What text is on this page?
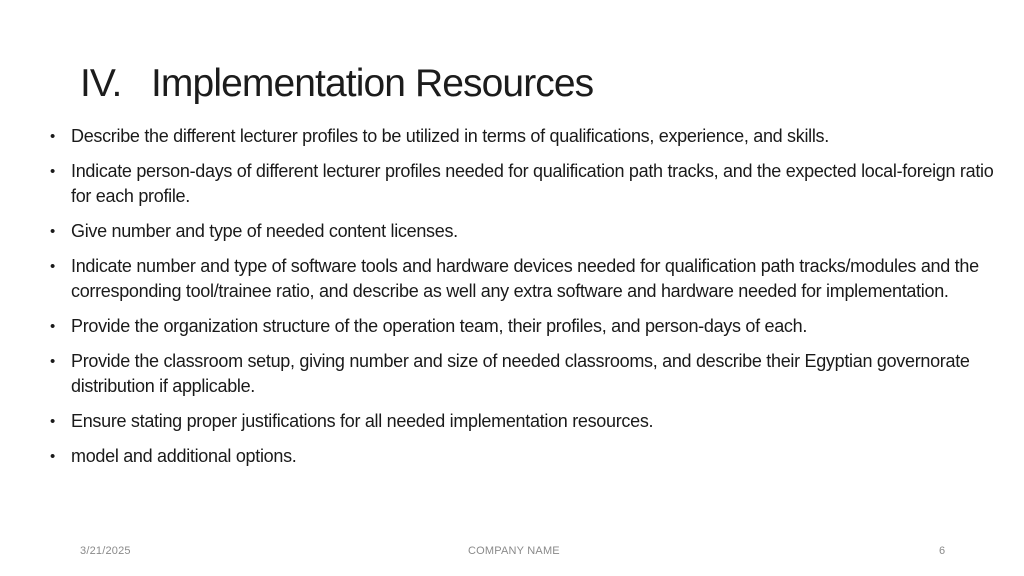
IV. Implementation Resources
• Describe the different lecturer profiles to be utilized in terms of qualifications, experience, and skills.
• Indicate person-days of different lecturer profiles needed for qualification path tracks, and the expected local-foreign ratio for each profile.
• Give number and type of needed content licenses.
• Indicate number and type of software tools and hardware devices needed for qualification path tracks/modules and the corresponding tool/trainee ratio, and describe as well any extra software and hardware needed for implementation.
• Provide the organization structure of the operation team, their profiles, and person-days of each.
• Provide the classroom setup, giving number and size of needed classrooms, and describe their Egyptian governorate distribution if applicable.
• Ensure stating proper justifications for all needed implementation resources.
• model and additional options.
3/21/2025	COMPANY NAME	6
